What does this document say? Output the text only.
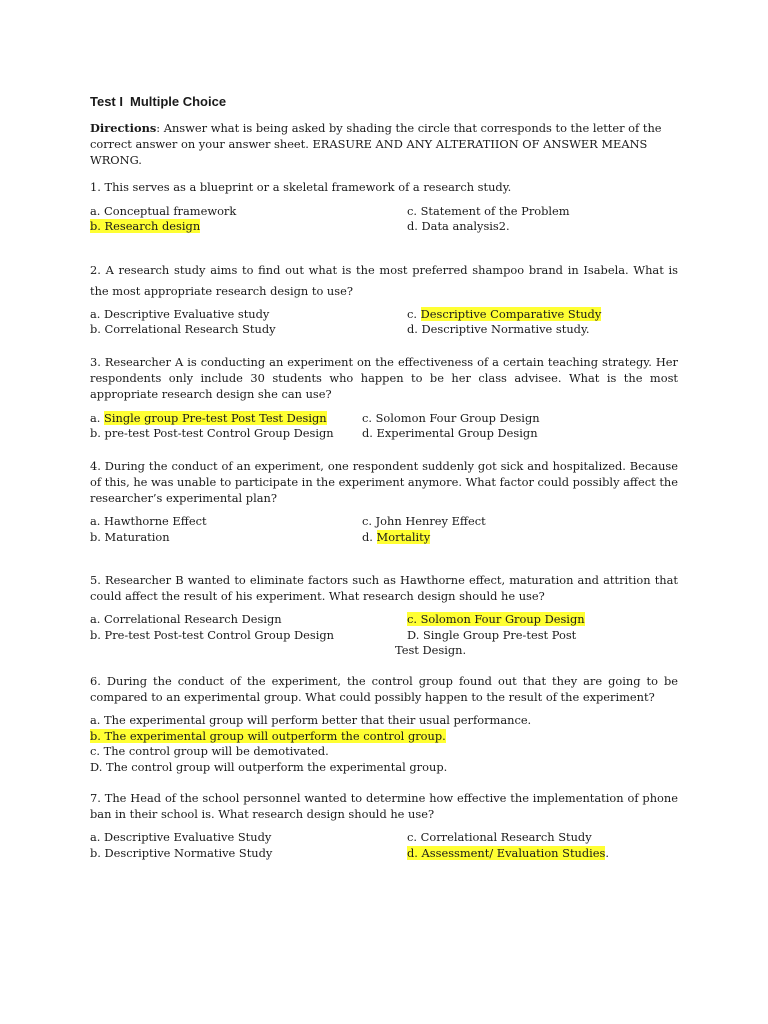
Test I Multiple Choice
Directions: Answer what is being asked by shading the circle that corresponds to the letter of the correct answer on your answer sheet. ERASURE AND ANY ALTERATIION OF ANSWER MEANS WRONG.
1. This serves as a blueprint or a skeletal framework of a research study.
a. Conceptual framework	c. Statement of the Problem
b. Research design	d. Data analysis2.
2. A research study aims to find out what is the most preferred shampoo brand in Isabela. What is the most appropriate research design to use?
a. Descriptive Evaluative study	c. Descriptive Comparative Study
b. Correlational Research Study	d. Descriptive Normative study.
3. Researcher A is conducting an experiment on the effectiveness of a certain teaching strategy. Her respondents only include 30 students who happen to be her class advisee. What is the most appropriate research design she can use?
a. Single group Pre-test Post Test Design	c. Solomon Four Group Design
b. pre-test Post-test Control Group Design	d. Experimental Group Design
4. During the conduct of an experiment, one respondent suddenly got sick and hospitalized. Because of this, he was unable to participate in the experiment anymore. What factor could possibly affect the researcher’s experimental plan?
a. Hawthorne Effect	c. John Henrey Effect
b. Maturation	d. Mortality
5. Researcher B wanted to eliminate factors such as Hawthorne effect, maturation and attrition that could affect the result of his experiment. What research design should he use?
a. Correlational Research Design	c. Solomon Four Group Design
b. Pre-test Post-test Control Group Design	D. Single Group Pre-test Post
Test Design.
6. During the conduct of the experiment, the control group found out that they are going to be compared to an experimental group. What could possibly happen to the result of the experiment?
a. The experimental group will perform better that their usual performance.
b. The experimental group will outperform the control group.
c. The control group will be demotivated.
D. The control group will outperform the experimental group.
7. The Head of the school personnel wanted to determine how effective the implementation of phone ban in their school is. What research design should he use?
a. Descriptive Evaluative Study	c. Correlational Research Study
b. Descriptive Normative Study	d. Assessment/ Evaluation Studies.
